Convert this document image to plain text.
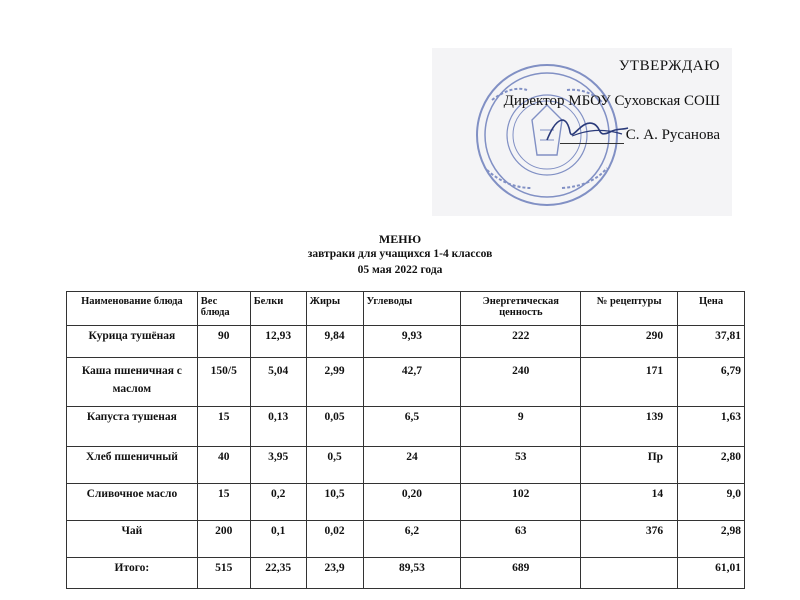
УТВЕРЖДАЮ
Директор МБОУ Суховская СОШ
С. А. Русанова
МЕНЮ
завтраки для учащихся 1-4 классов
05 мая 2022 года
Наименование блюда	Вес блюда	Белки	Жиры	Углеводы	Энергетическая ценность	№ рецептуры	Цена
Курица тушёная	90	12,93	9,84	9,93	222	290	37,81
Каша пшеничная с маслом	150/5	5,04	2,99	42,7	240	171	6,79
Капуста тушеная	15	0,13	0,05	6,5	9	139	1,63
Хлеб пшеничный	40	3,95	0,5	24	53	Пр	2,80
Сливочное масло	15	0,2	10,5	0,20	102	14	9,0
Чай	200	0,1	0,02	6,2	63	376	2,98
Итого:	515	22,35	23,9	89,53	689		61,01
